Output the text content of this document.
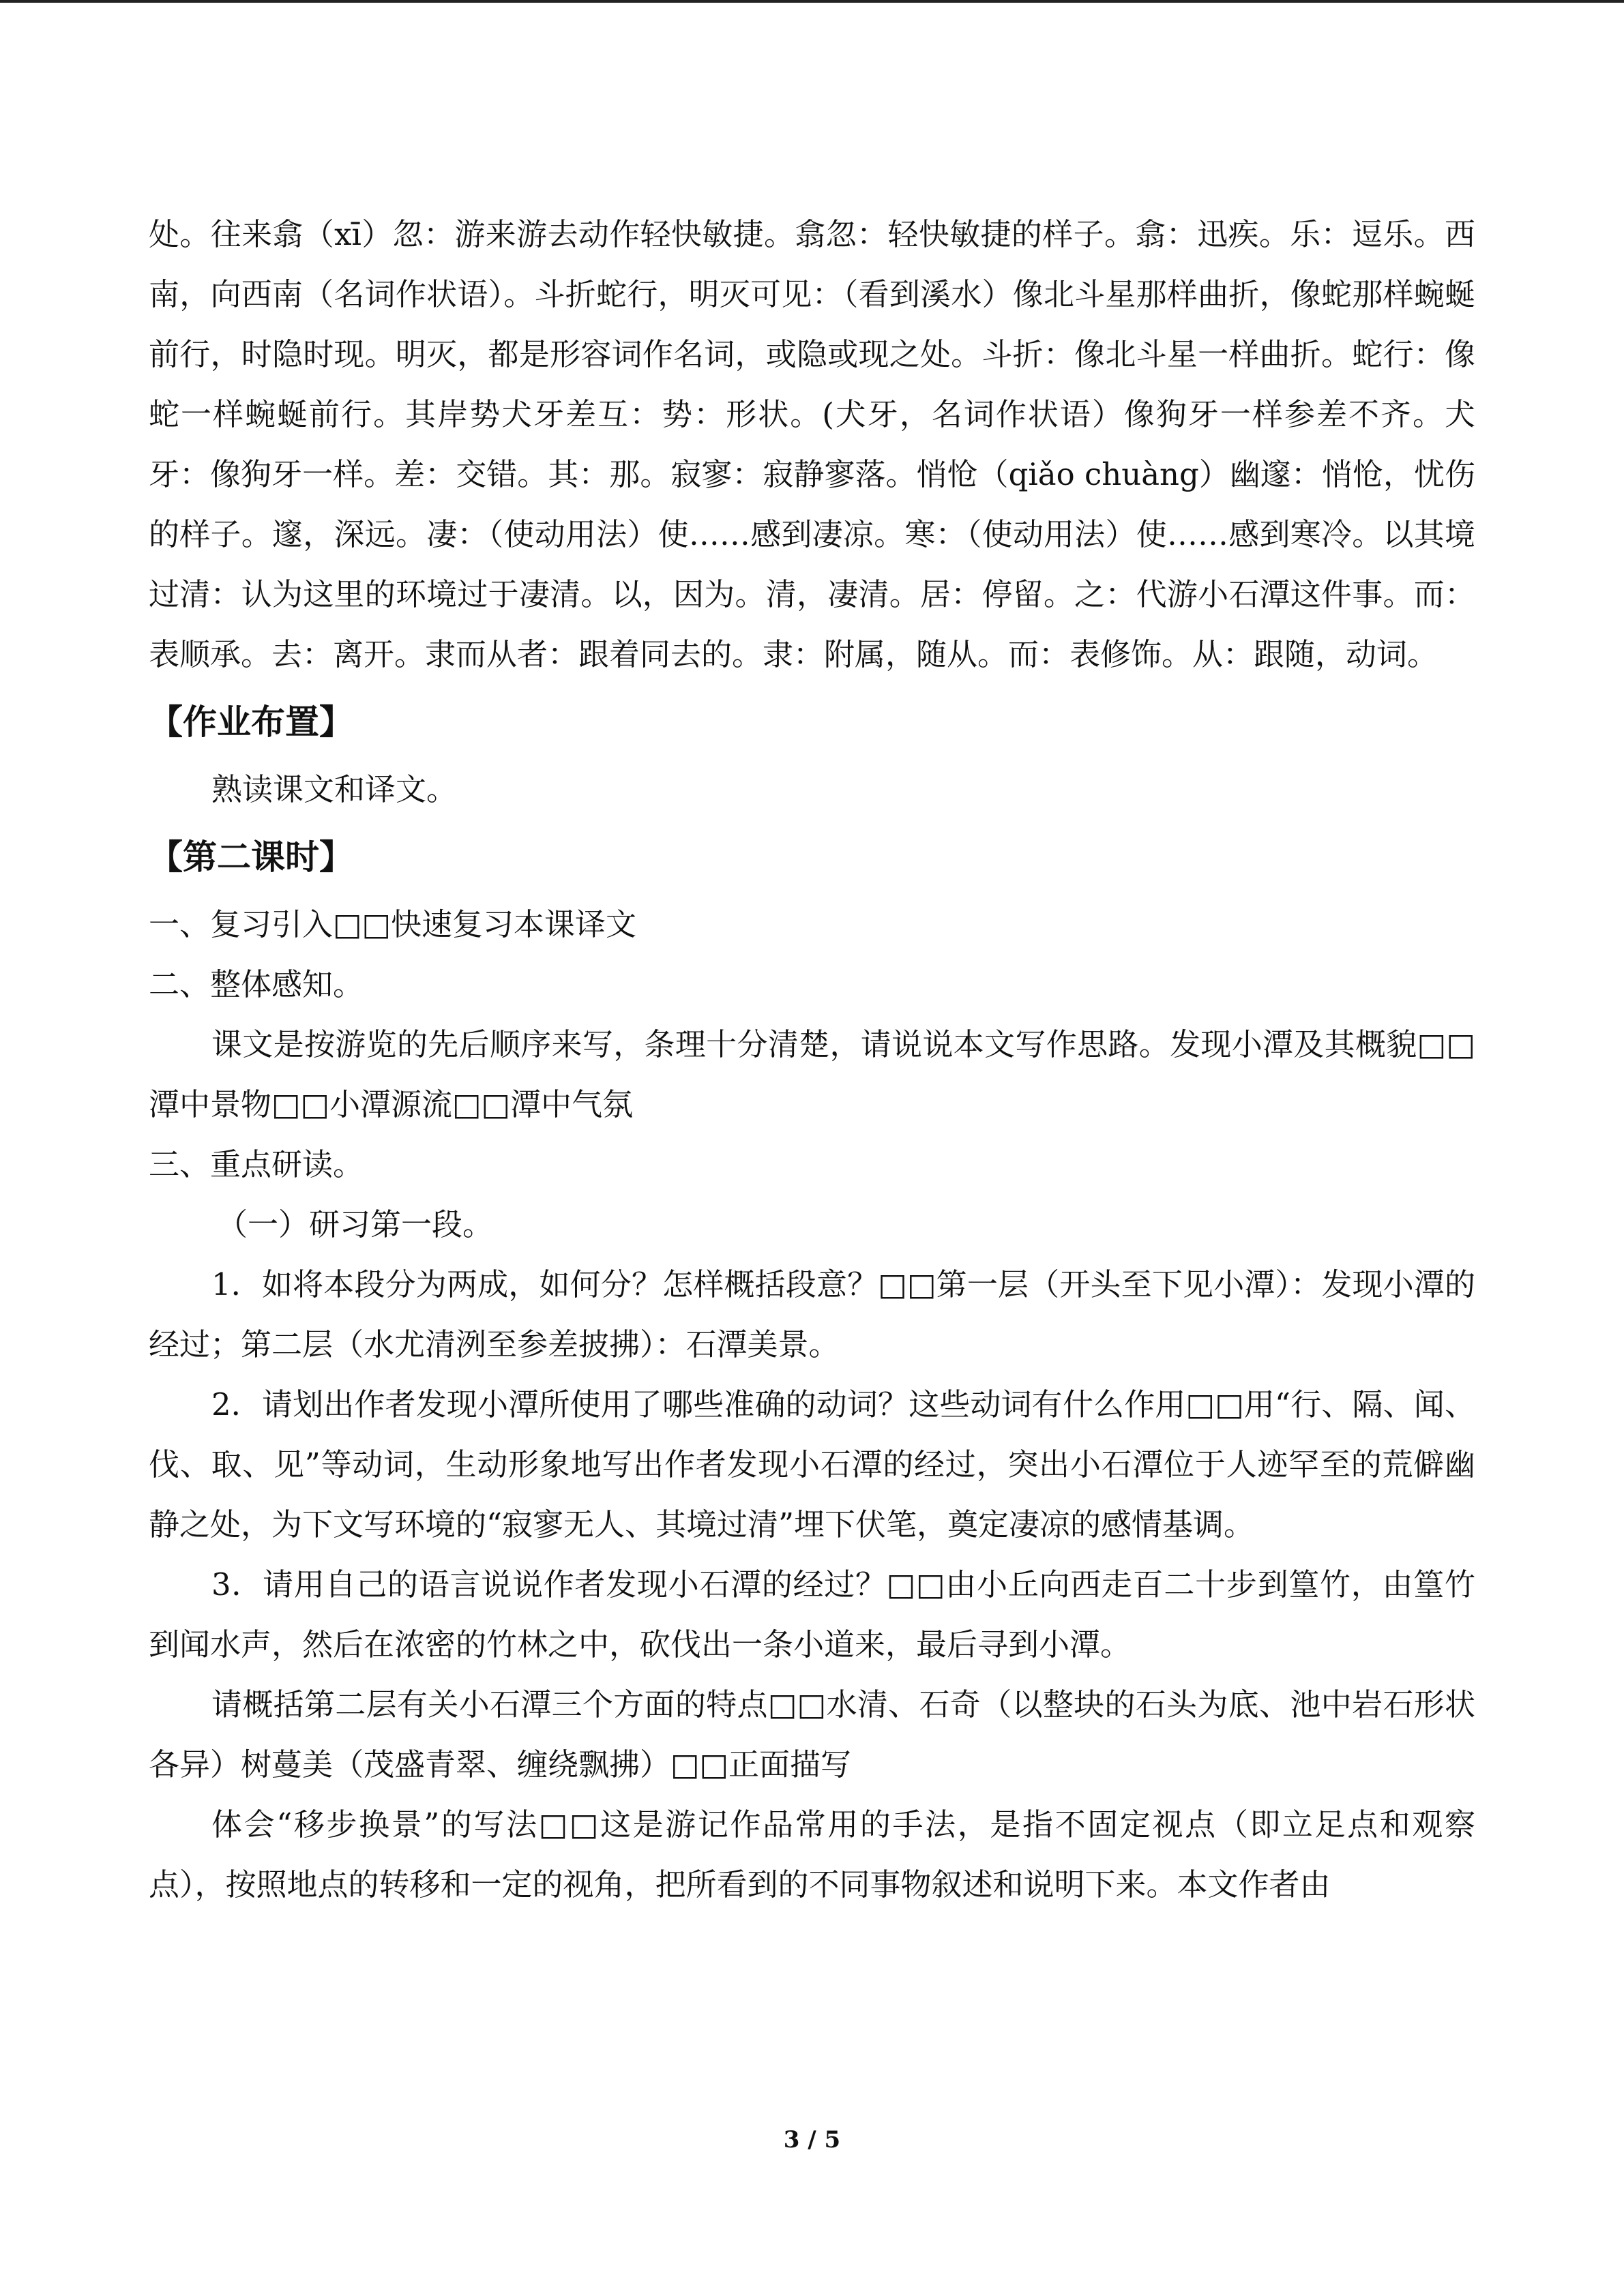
处。往来翕（xī）忽：游来游去动作轻快敏捷。翕忽：轻快敏捷的样子。翕：迅疾。乐：逗乐。西南，向西南（名词作状语）。斗折蛇行，明灭可见：（看到溪水）像北斗星那样曲折，像蛇那样蜿蜒前行，时隐时现。明灭，都是形容词作名词，或隐或现之处。斗折：像北斗星一样曲折。蛇行：像蛇一样蜿蜒前行。其岸势犬牙差互：势：形状。(犬牙，名词作状语）像狗牙一样参差不齐。犬牙：像狗牙一样。差：交错。其：那。寂寥：寂静寥落。悄怆（qiǎo chuàng）幽邃：悄怆，忧伤的样子。邃，深远。凄：（使动用法）使……感到凄凉。寒：（使动用法）使……感到寒冷。以其境过清：认为这里的环境过于凄清。以，因为。清，凄清。居：停留。之：代游小石潭这件事。而：表顺承。去：离开。隶而从者：跟着同去的。隶：附属，随从。而：表修饰。从：跟随，动词。

【作业布置】

熟读课文和译文。

【第二课时】

一、复习引入□□快速复习本课译文

二、整体感知。

课文是按游览的先后顺序来写，条理十分清楚，请说说本文写作思路。发现小潭及其概貌□□潭中景物□□小潭源流□□潭中气氛

三、重点研读。

（一）研习第一段。

1．如将本段分为两成，如何分？怎样概括段意？□□第一层（开头至下见小潭）：发现小潭的经过；第二层（水尤清洌至参差披拂）：石潭美景。

2．请划出作者发现小潭所使用了哪些准确的动词？这些动词有什么作用□□用“行、隔、闻、伐、取、见”等动词，生动形象地写出作者发现小石潭的经过，突出小石潭位于人迹罕至的荒僻幽静之处，为下文写环境的“寂寥无人、其境过清”埋下伏笔，奠定凄凉的感情基调。

3．请用自己的语言说说作者发现小石潭的经过？□□由小丘向西走百二十步到篁竹，由篁竹到闻水声，然后在浓密的竹林之中，砍伐出一条小道来，最后寻到小潭。

请概括第二层有关小石潭三个方面的特点□□水清、石奇（以整块的石头为底、池中岩石形状各异）树蔓美（茂盛青翠、缠绕飘拂）□□正面描写

体会“移步换景”的写法□□这是游记作品常用的手法，是指不固定视点（即立足点和观察点），按照地点的转移和一定的视角，把所看到的不同事物叙述和说明下来。本文作者由

3 / 5
